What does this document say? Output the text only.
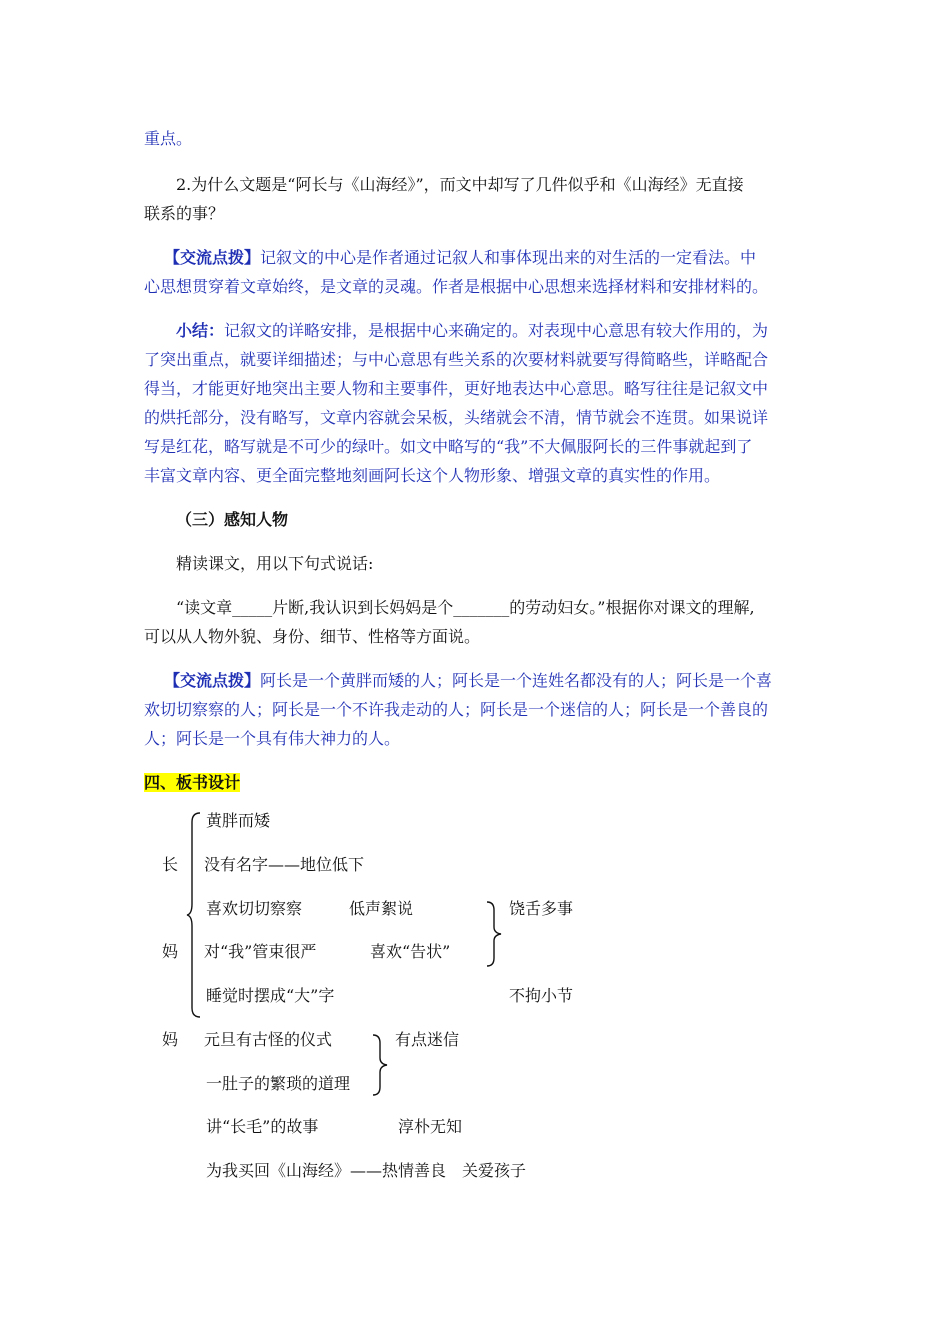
重点。
2.为什么文题是“阿长与《山海经》”，而文中却写了几件似乎和《山海经》无直接
联系的事？
【交流点拨】记叙文的中心是作者通过记叙人和事体现出来的对生活的一定看法。中
心思想贯穿着文章始终，是文章的灵魂。作者是根据中心思想来选择材料和安排材料的。
小结：记叙文的详略安排，是根据中心来确定的。对表现中心意思有较大作用的，为
了突出重点，就要详细描述；与中心意思有些关系的次要材料就要写得简略些，详略配合
得当，才能更好地突出主要人物和主要事件，更好地表达中心意思。略写往往是记叙文中
的烘托部分，没有略写，文章内容就会呆板，头绪就会不清，情节就会不连贯。如果说详
写是红花，略写就是不可少的绿叶。如文中略写的“我”不大佩服阿长的三件事就起到了
丰富文章内容、更全面完整地刻画阿长这个人物形象、增强文章的真实性的作用。
（三）感知人物
精读课文，用以下句式说话:
“读文章_____片断,我认识到长妈妈是个_______的劳动妇女。”根据你对课文的理解,
可以从人物外貌、身份、细节、性格等方面说。
【交流点拨】阿长是一个黄胖而矮的人；阿长是一个连姓名都没有的人；阿长是一个喜
欢切切察察的人；阿长是一个不许我走动的人；阿长是一个迷信的人；阿长是一个善良的
人；阿长是一个具有伟大神力的人。
四、板书设计
长
妈
妈
黄胖而矮
没有名字——地位低下
喜欢切切察察	低声絮说	饶舌多事
对“我”管束很严	喜欢“告状”
睡觉时摆成“大”字	不拘小节
元旦有古怪的仪式	有点迷信
一肚子的繁琐的道理
讲“长毛”的故事	淳朴无知
为我买回《山海经》——热情善良　关爱孩子
